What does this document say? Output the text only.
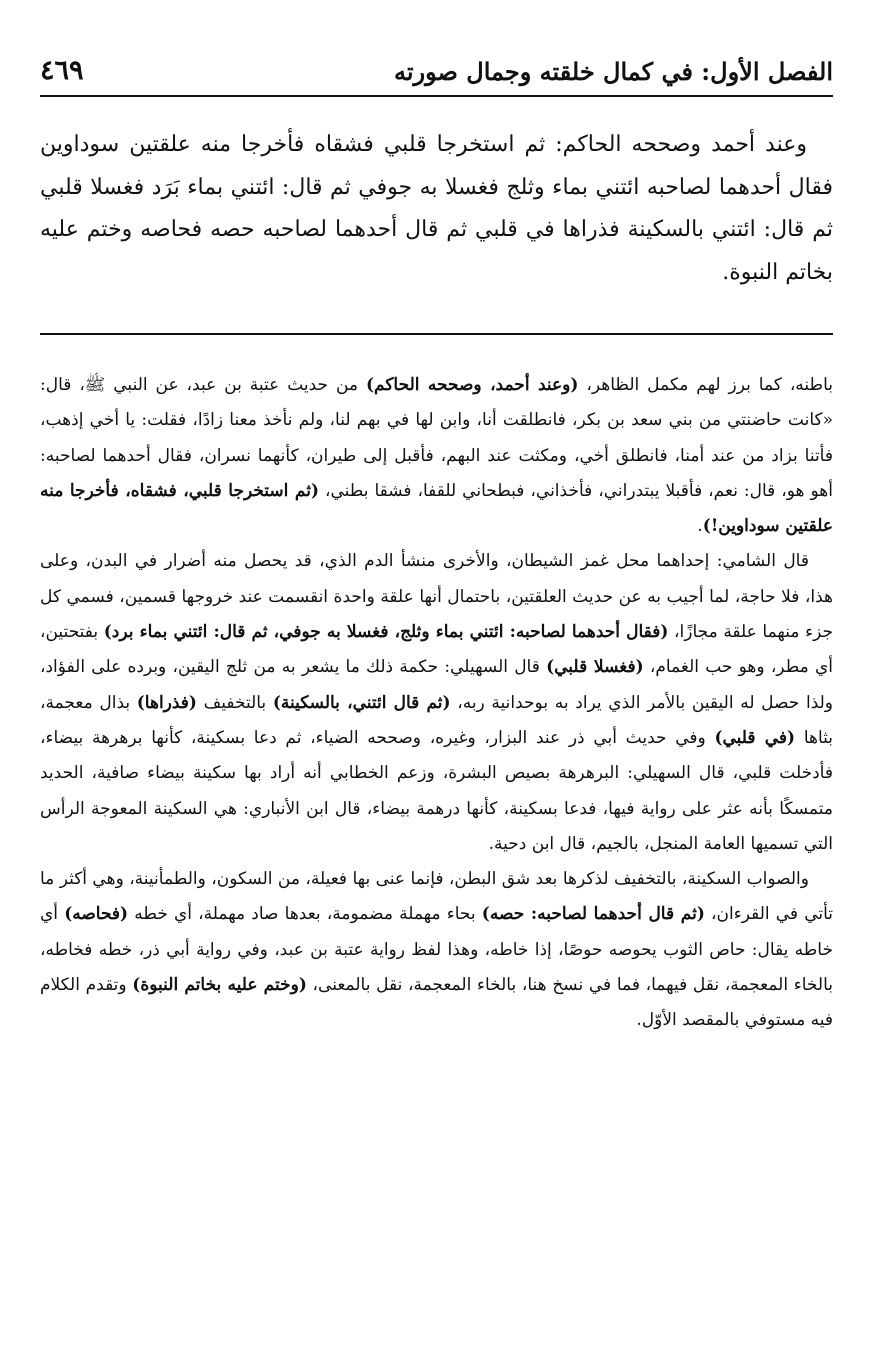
الفصل الأول: في كمال خلقته وجمال صورته
٤٦٩

وعند أحمد وصححه الحاكم: ثم استخرجا قلبي فشقاه فأخرجا منه علقتين سوداوين فقال أحدهما لصاحبه ائتني بماء وثلج فغسلا به جوفي ثم قال: ائتني بماء بَرَد فغسلا قلبي ثم قال: ائتني بالسكينة فذراها في قلبي ثم قال أحدهما لصاحبه حصه فحاصه وختم عليه بخاتم النبوة.

باطنه، كما برز لهم مكمل الظاهر، (وعند أحمد، وصححه الحاكم) من حديث عتبة بن عبد، عن النبي ﷺ، قال: «كانت حاضنتي من بني سعد بن بكر، فانطلقت أنا، وابن لها في بهم لنا، ولم نأخذ معنا زادًا، فقلت: يا أخي إذهب، فأتنا بزاد من عند أمنا، فانطلق أخي، ومكثت عند البهم، فأقبل إلى طيران، كأنهما نسران، فقال أحدهما لصاحبه: أهو هو، قال: نعم، فأقبلا يبتدراني، فأخذاني، فبطحاني للقفا، فشقا بطني، (ثم استخرجا قلبي، فشقاه، فأخرجا منه علقتين سوداوين!).

قال الشامي: إحداهما محل غمز الشيطان، والأخرى منشأ الدم الذي، قد يحصل منه أضرار في البدن، وعلى هذا، فلا حاجة، لما أجيب به عن حديث العلقتين، باحتمال أنها علقة واحدة انقسمت عند خروجها قسمين، فسمي كل جزء منهما علقة مجازًا، (فقال أحدهما لصاحبه: ائتني بماء وثلج، فغسلا به جوفي، ثم قال: ائتني بماء برد) بفتحتين، أي مطر، وهو حب الغمام، (فغسلا قلبي) قال السهيلي: حكمة ذلك ما يشعر به من ثلج اليقين، وبرده على الفؤاد، ولذا حصل له اليقين بالأمر الذي يراد به بوحدانية ربه، (ثم قال ائتني، بالسكينة) بالتخفيف (فذراها) بذال معجمة، بثاها (في قلبي) وفي حديث أبي ذر عند البزار، وغيره، وصححه الضياء، ثم دعا بسكينة، كأنها برهرهة بيضاء، فأدخلت قلبي، قال السهيلي: البرهرهة بصيص البشرة، وزعم الخطابي أنه أراد بها سكينة بيضاء صافية، الحديد متمسكًا بأنه عثر على رواية فيها، فدعا بسكينة، كأنها درهمة بيضاء، قال ابن الأنباري: هي السكينة المعوجة الرأس التي تسميها العامة المنجل، بالجيم، قال ابن دحية.

والصواب السكينة، بالتخفيف لذكرها بعد شق البطن، فإنما عنى بها فعيلة، من السكون، والطمأنينة، وهي أكثر ما تأتي في القرءان، (ثم قال أحدهما لصاحبه: حصه) بحاء مهملة مضمومة، بعدها صاد مهملة، أي خطه (فحاصه) أي خاطه يقال: حاص الثوب يحوصه حوصًا، إذا خاطه، وهذا لفظ رواية عتبة بن عبد، وفي رواية أبي ذر، خطه فخاطه، بالخاء المعجمة، نقل فيهما، فما في نسخ هنا، بالخاء المعجمة، نقل بالمعنى، (وختم عليه بخاتم النبوة) وتقدم الكلام فيه مستوفي بالمقصد الأوّل.
